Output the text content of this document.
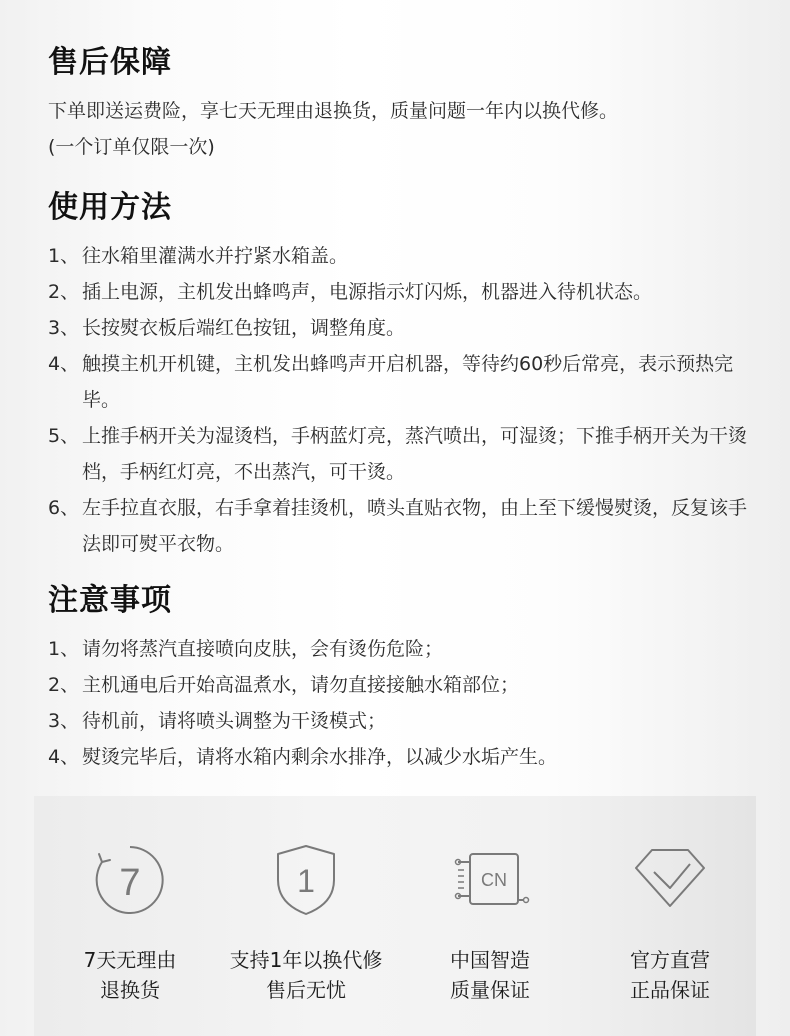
售后保障

下单即送运费险，享七天无理由退换货，质量问题一年内以换代修。

(一个订单仅限一次)

使用方法
1、 往水箱里灌满水并拧紧水箱盖。
2、 插上电源，主机发出蜂鸣声，电源指示灯闪烁，机器进入待机状态。
3、 长按熨衣板后端红色按钮，调整角度。
4、 触摸主机开机键，主机发出蜂鸣声开启机器，等待约60秒后常亮，表示预热完毕。
5、 上推手柄开关为湿烫档，手柄蓝灯亮，蒸汽喷出，可湿烫；下推手柄开关为干烫档，手柄红灯亮，不出蒸汽，可干烫。
6、 左手拉直衣服，右手拿着挂烫机，喷头直贴衣物，由上至下缓慢熨烫，反复该手法即可熨平衣物。
注意事项
1、 请勿将蒸汽直接喷向皮肤，会有烫伤危险；
2、 主机通电后开始高温煮水，请勿直接接触水箱部位；
3、 待机前，请将喷头调整为干烫模式；
4、 熨烫完毕后，请将水箱内剩余水排净，以减少水垢产生。
7
7天无理由
退换货
1
支持1年以换代修
售后无忧
CN
中国智造
质量保证
官方直营
正品保证
